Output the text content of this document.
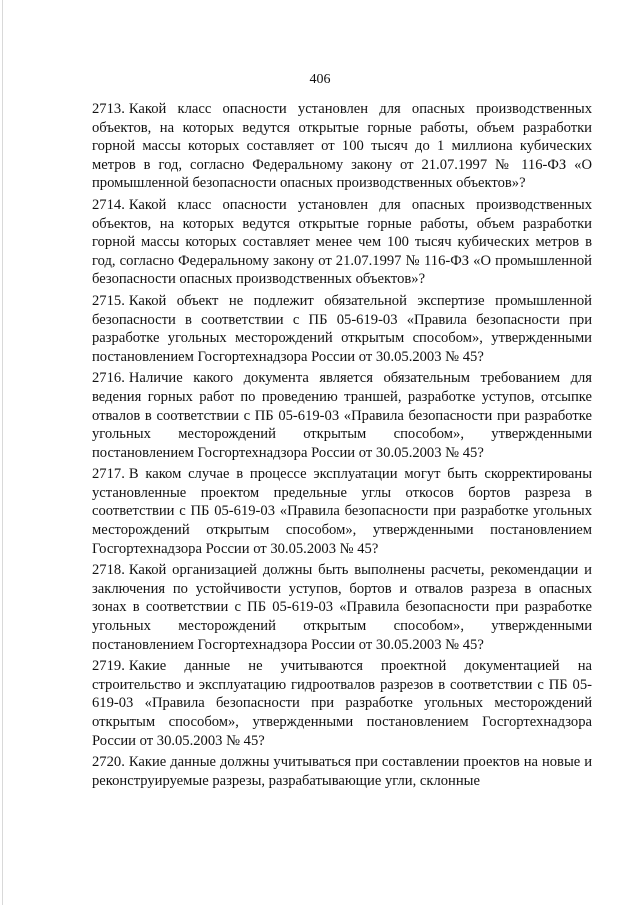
406

2713. Какой класс опасности установлен для опасных производственных объектов, на которых ведутся открытые горные работы, объем разработки горной массы которых составляет от 100 тысяч до 1 миллиона кубических метров в год, согласно Федеральному закону от 21.07.1997 № 116-ФЗ «О промышленной безопасности опасных производственных объектов»?

2714. Какой класс опасности установлен для опасных производственных объектов, на которых ведутся открытые горные работы, объем разработки горной массы которых составляет менее чем 100 тысяч кубических метров в год, согласно Федеральному закону от 21.07.1997 № 116-ФЗ «О промышленной безопасности опасных производственных объектов»?

2715. Какой объект не подлежит обязательной экспертизе промышленной безопасности в соответствии с ПБ 05-619-03 «Правила безопасности при разработке угольных месторождений открытым способом», утвержденными постановлением Госгортехнадзора России от 30.05.2003 № 45?

2716. Наличие какого документа является обязательным требованием для ведения горных работ по проведению траншей, разработке уступов, отсыпке отвалов в соответствии с ПБ 05-619-03 «Правила безопасности при разработке угольных месторождений открытым способом», утвержденными постановлением Госгортехнадзора России от 30.05.2003 № 45?

2717. В каком случае в процессе эксплуатации могут быть скорректированы установленные проектом предельные углы откосов бортов разреза в соответствии с ПБ 05-619-03 «Правила безопасности при разработке угольных месторождений открытым способом», утвержденными постановлением Госгортехнадзора России от 30.05.2003 № 45?

2718. Какой организацией должны быть выполнены расчеты, рекомендации и заключения по устойчивости уступов, бортов и отвалов разреза в опасных зонах в соответствии с ПБ 05-619-03 «Правила безопасности при разработке угольных месторождений открытым способом», утвержденными постановлением Госгортехнадзора России от 30.05.2003 № 45?

2719. Какие данные не учитываются проектной документацией на строительство и эксплуатацию гидроотвалов разрезов в соответствии с ПБ 05-619-03 «Правила безопасности при разработке угольных месторождений открытым способом», утвержденными постановлением Госгортехнадзора России от 30.05.2003 № 45?

2720. Какие данные должны учитываться при составлении проектов на новые и реконструируемые разрезы, разрабатывающие угли, склонные
